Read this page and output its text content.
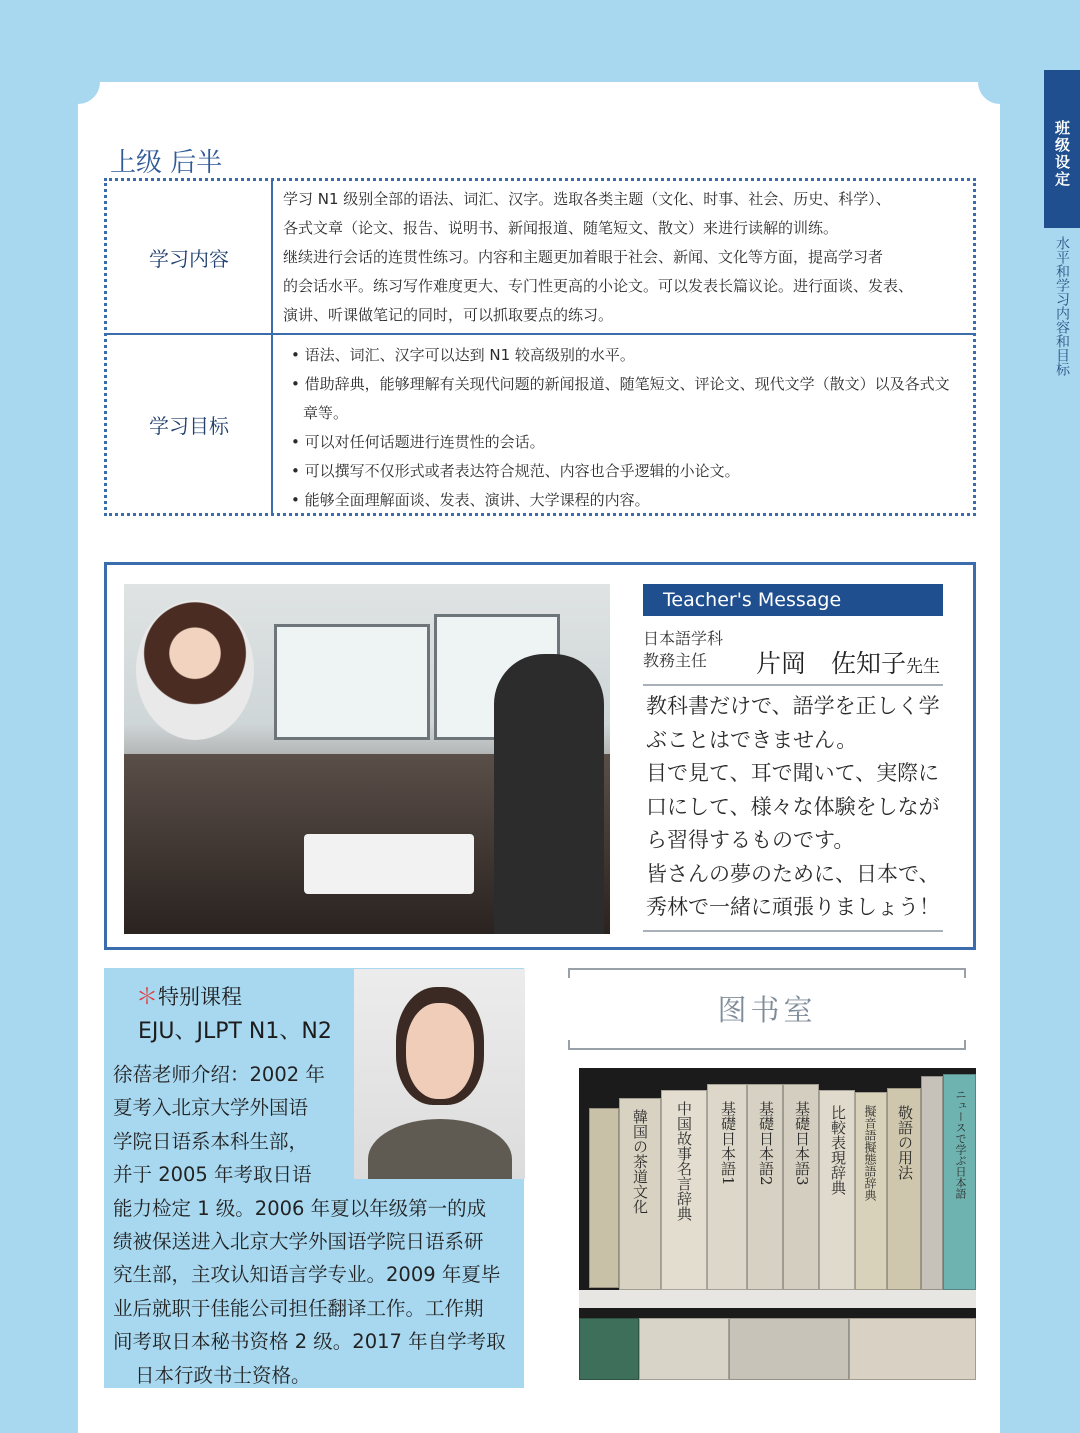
班级设定
水平和学习内容和目标
上级 后半
学习内容

学习 N1 级别全部的语法、词汇、汉字。选取各类主题（文化、时事、社会、历史、科学）、

各式文章（论文、报告、说明书、新闻报道、随笔短文、散文）来进行读解的训练。

继续进行会话的连贯性练习。内容和主题更加着眼于社会、新闻、文化等方面，提高学习者

的会话水平。练习写作难度更大、专门性更高的小论文。可以发表长篇议论。进行面谈、发表、

演讲、听课做笔记的同时，可以抓取要点的练习。

学习目标

• 语法、词汇、汉字可以达到 N1 较高级别的水平。

• 借助辞典，能够理解有关现代问题的新闻报道、随笔短文、评论文、现代文学（散文）以及各式文章等。

• 可以对任何话题进行连贯性的会话。

• 可以撰写不仅形式或者表达符合规范、内容也合乎逻辑的小论文。

• 能够全面理解面谈、发表、演讲、大学课程的内容。

Teacher's Message
日本語学科
教務主任	片岡　佐知子先生

教科書だけで、語学を正しく学

ぶことはできません。

目で見て、耳で聞いて、実際に

口にして、様々な体験をしなが

ら習得するものです。

皆さんの夢のために、日本で、

秀林で一緒に頑張りましょう！

＊特别课程
EJU、JLPT N1、N2
徐蓓老师介绍：2002 年
夏考入北京大学外国语
学院日语系本科生部，
并于 2005 年考取日语
能力检定 1 级。2006 年夏以年级第一的成
绩被保送进入北京大学外国语学院日语系研
究生部，主攻认知语言学专业。2009 年夏毕
业后就职于佳能公司担任翻译工作。工作期
间考取日本秘书资格 2 级。2017 年自学考取
日本行政书士资格。
图书室
韓国の茶道文化 中国故事名言辞典 基礎日本語1 基礎日本語2 基礎日本語3 比較表現辞典 擬音語擬態語辞典 敬語の用法	ニュースで学ぶ日本語
